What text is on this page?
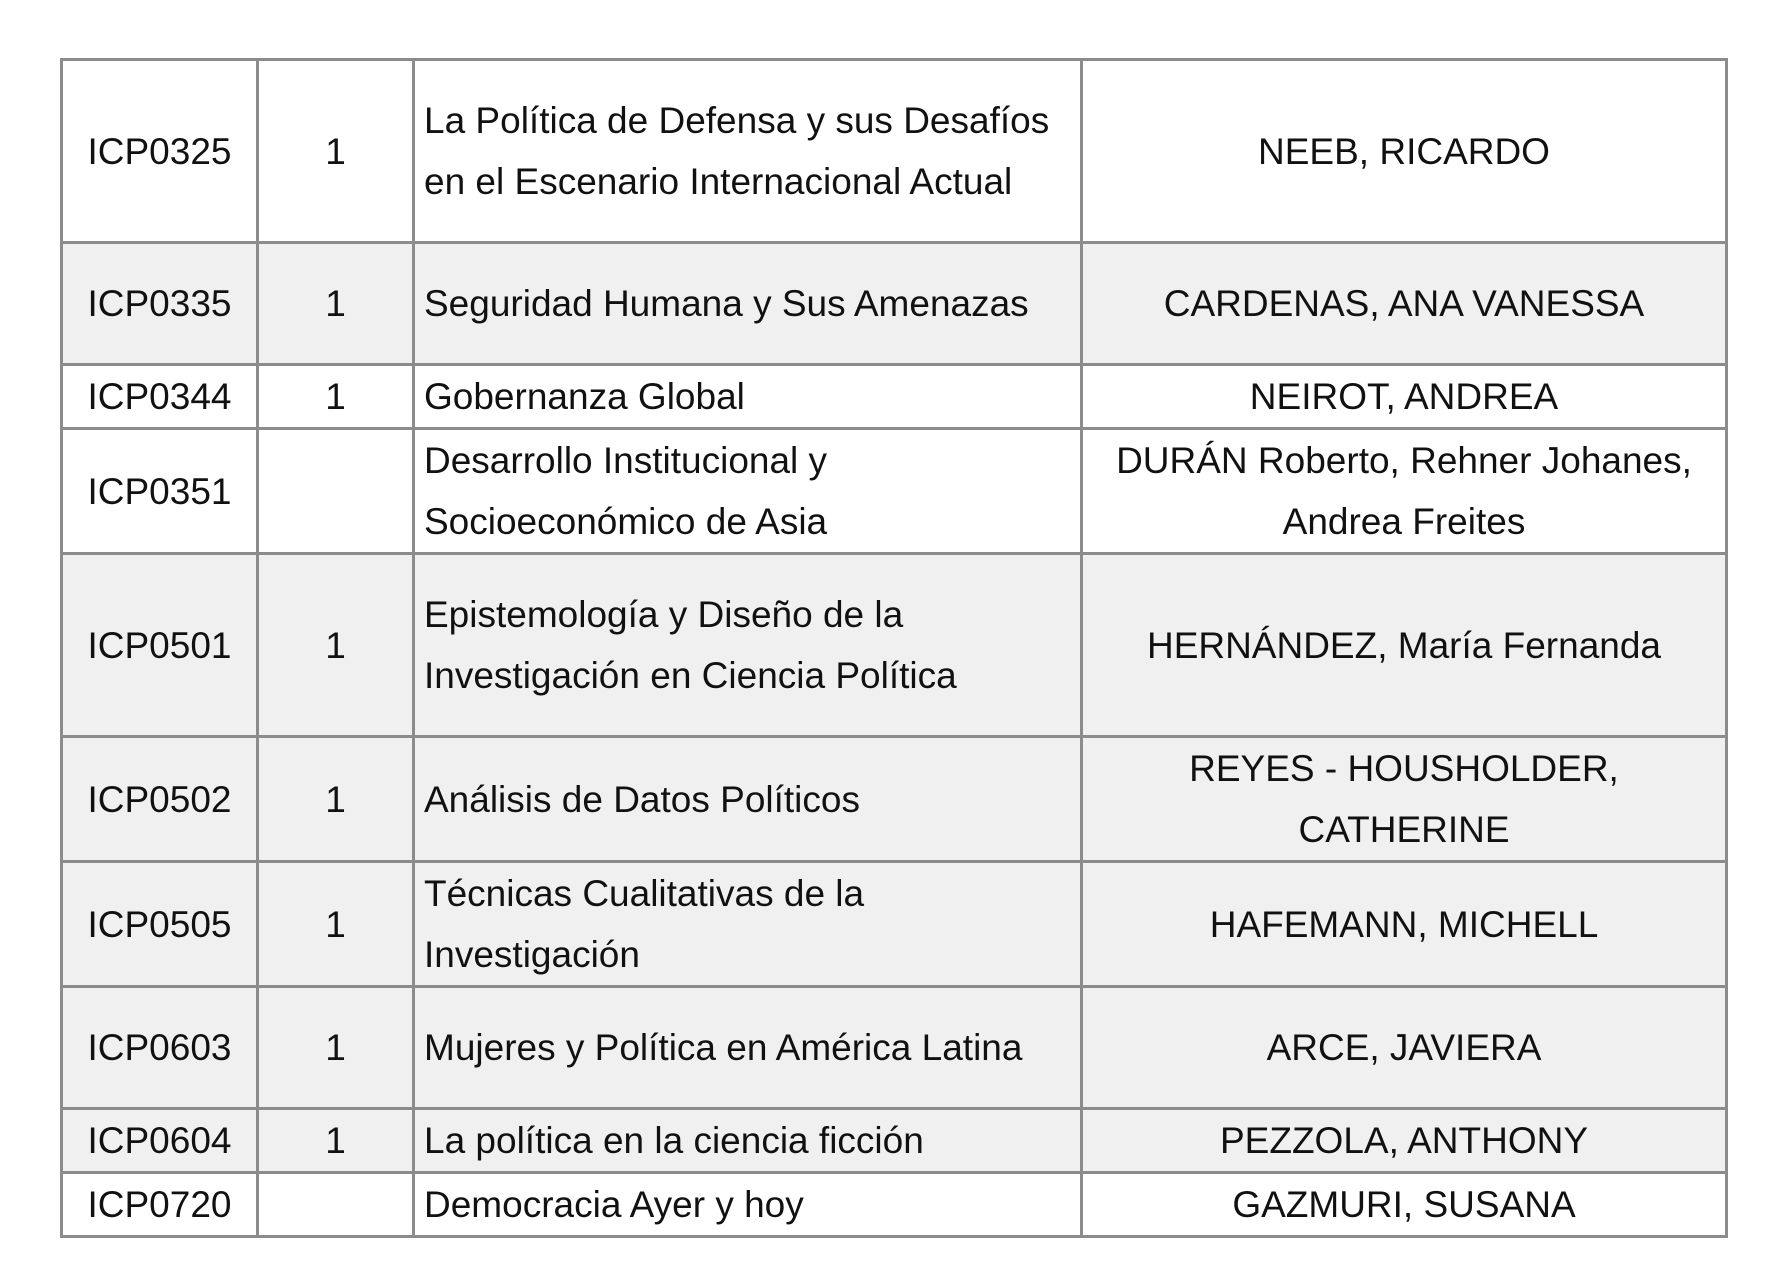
ICP0325	1	La Política de Defensa y sus Desafíos en el Escenario Internacional Actual	NEEB, RICARDO
ICP0335	1	Seguridad Humana y Sus Amenazas	CARDENAS, ANA VANESSA
ICP0344	1	Gobernanza Global	NEIROT, ANDREA
ICP0351		Desarrollo Institucional y Socioeconómico de Asia	DURÁN Roberto, Rehner Johanes, Andrea Freites
ICP0501	1	Epistemología y Diseño de la Investigación en Ciencia Política	HERNÁNDEZ, María Fernanda
ICP0502	1	Análisis de Datos Políticos	REYES - HOUSHOLDER, CATHERINE
ICP0505	1	Técnicas Cualitativas de la Investigación	HAFEMANN, MICHELL
ICP0603	1	Mujeres y Política en América Latina	ARCE, JAVIERA
ICP0604	1	La política en la ciencia ficción	PEZZOLA, ANTHONY
ICP0720		Democracia Ayer y hoy	GAZMURI, SUSANA
